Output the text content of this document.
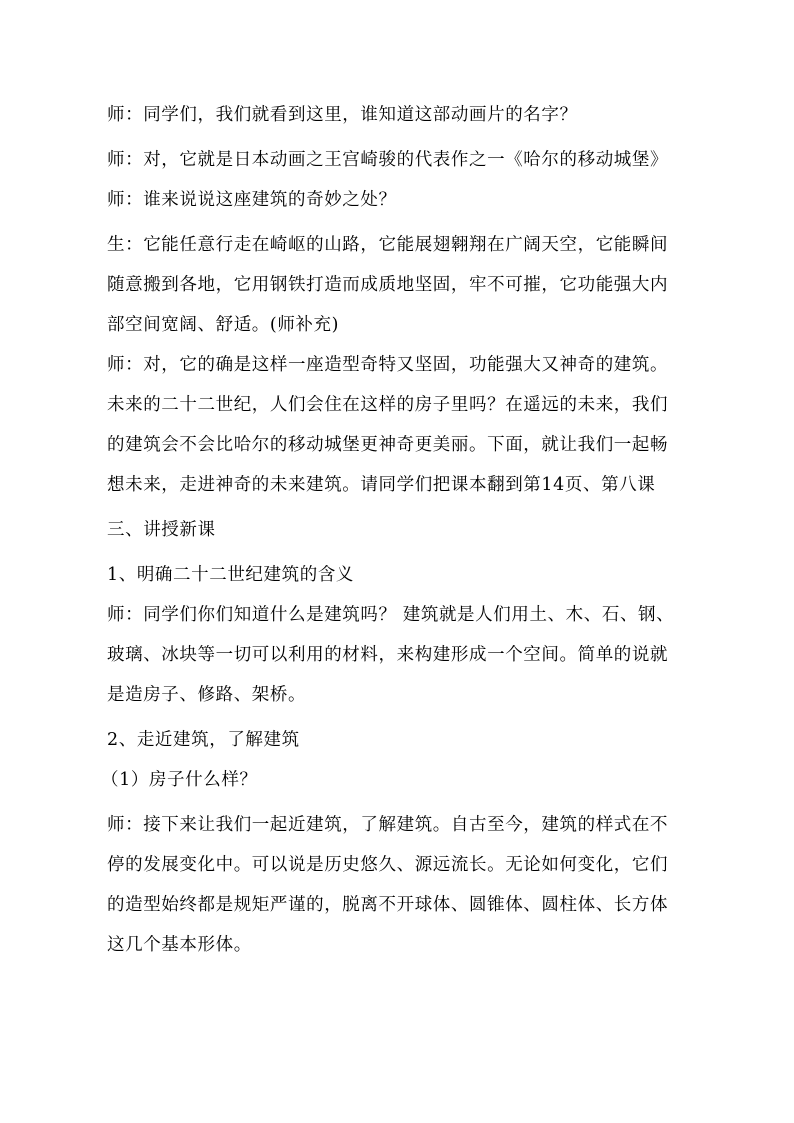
师：同学们，我们就看到这里，谁知道这部动画片的名字？
师：对，它就是日本动画之王宫崎骏的代表作之一《哈尔的移动城堡》
师：谁来说说这座建筑的奇妙之处？
生：它能任意行走在崎岖的山路，它能展翅翱翔在广阔天空，它能瞬间
随意搬到各地，它用钢铁打造而成质地坚固，牢不可摧，它功能强大内
部空间宽阔、舒适。(师补充)
师：对，它的确是这样一座造型奇特又坚固，功能强大又神奇的建筑。
未来的二十二世纪，人们会住在这样的房子里吗？在遥远的未来，我们
的建筑会不会比哈尔的移动城堡更神奇更美丽。下面，就让我们一起畅
想未来，走进神奇的未来建筑。请同学们把课本翻到第14页、第八课
三、讲授新课
1、明确二十二世纪建筑的含义
师：同学们你们知道什么是建筑吗？ 建筑就是人们用土、木、石、钢、
玻璃、冰块等一切可以利用的材料，来构建形成一个空间。简单的说就
是造房子、修路、架桥。
2、走近建筑，了解建筑
（1）房子什么样？
师：接下来让我们一起近建筑，了解建筑。自古至今，建筑的样式在不
停的发展变化中。可以说是历史悠久、源远流长。无论如何变化，它们
的造型始终都是规矩严谨的，脱离不开球体、圆锥体、圆柱体、长方体
这几个基本形体。
